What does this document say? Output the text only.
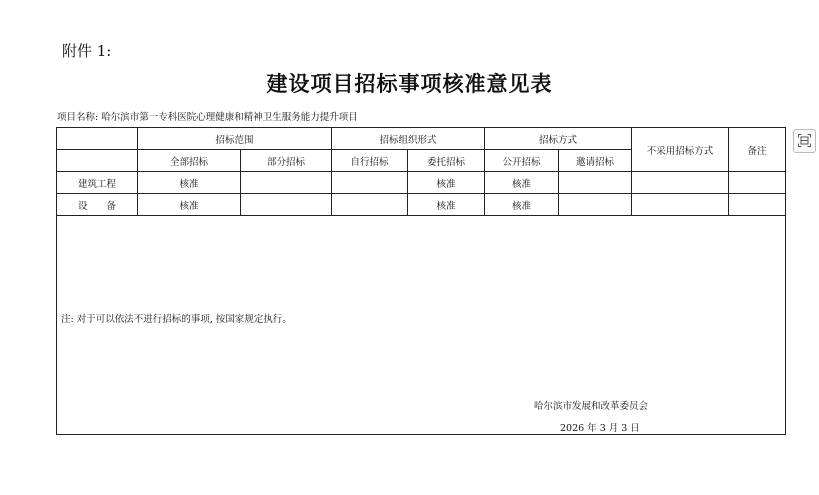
附件 1:
建设项目招标事项核准意见表
项目名称: 哈尔滨市第一专科医院心理健康和精神卫生服务能力提升项目
	招标范围		招标组织形式		招标方式		不采用招标方式	备注
	全部招标	部分招标	自行招标	委托招标	公开招标	邀请招标		
建筑工程	核准			核准	核准			
设　　备	核准			核准	核准			

注: 对于可以依法不进行招标的事项, 按国家规定执行。
哈尔滨市发展和改革委员会
2026 年 3 月 3 日								
